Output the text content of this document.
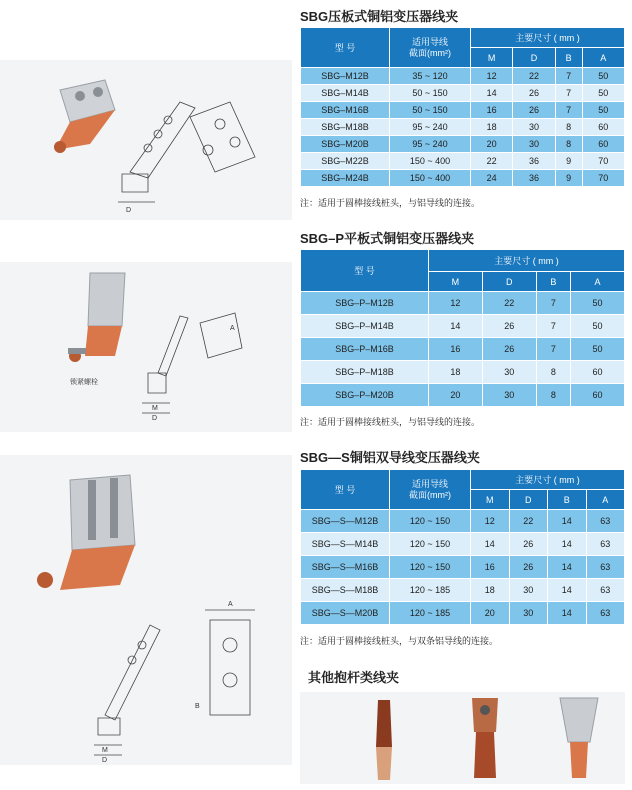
D
锁紧螺栓
M
D
A
A
M
D
B
SBG压板式铜铝变压器线夹
型 号	适用导线
截面(mm²)	主要尺寸 ( mm )			
		M	D	B	A
SBG–M12B	35 ~ 120	12	22	7	50
SBG–M14B	50 ~ 150	14	26	7	50
SBG–M16B	50 ~ 150	16	26	7	50
SBG–M18B	95 ~ 240	18	30	8	60
SBG–M20B	95 ~ 240	20	30	8	60
SBG–M22B	150 ~ 400	22	36	9	70
SBG–M24B	150 ~ 400	24	36	9	70
注：适用于圆棒接线桩头，与铝导线的连接。
SBG–P平板式铜铝变压器线夹
型 号	主要尺寸 ( mm )			
	M	D	B	A
SBG–P–M12B	12	22	7	50
SBG–P–M14B	14	26	7	50
SBG–P–M16B	16	26	7	50
SBG–P–M18B	18	30	8	60
SBG–P–M20B	20	30	8	60
注：适用于圆棒接线桩头，与铝导线的连接。
SBG—S铜铝双导线变压器线夹
型 号	适用导线
截面(mm²)	主要尺寸 ( mm )			
		M	D	B	A
SBG—S—M12B	120 ~ 150	12	22	14	63
SBG—S—M14B	120 ~ 150	14	26	14	63
SBG—S—M16B	120 ~ 150	16	26	14	63
SBG—S—M18B	120 ~ 185	18	30	14	63
SBG—S—M20B	120 ~ 185	20	30	14	63
注：适用于圆棒接线桩头，与双条铝导线的连接。
其他抱杆类线夹
